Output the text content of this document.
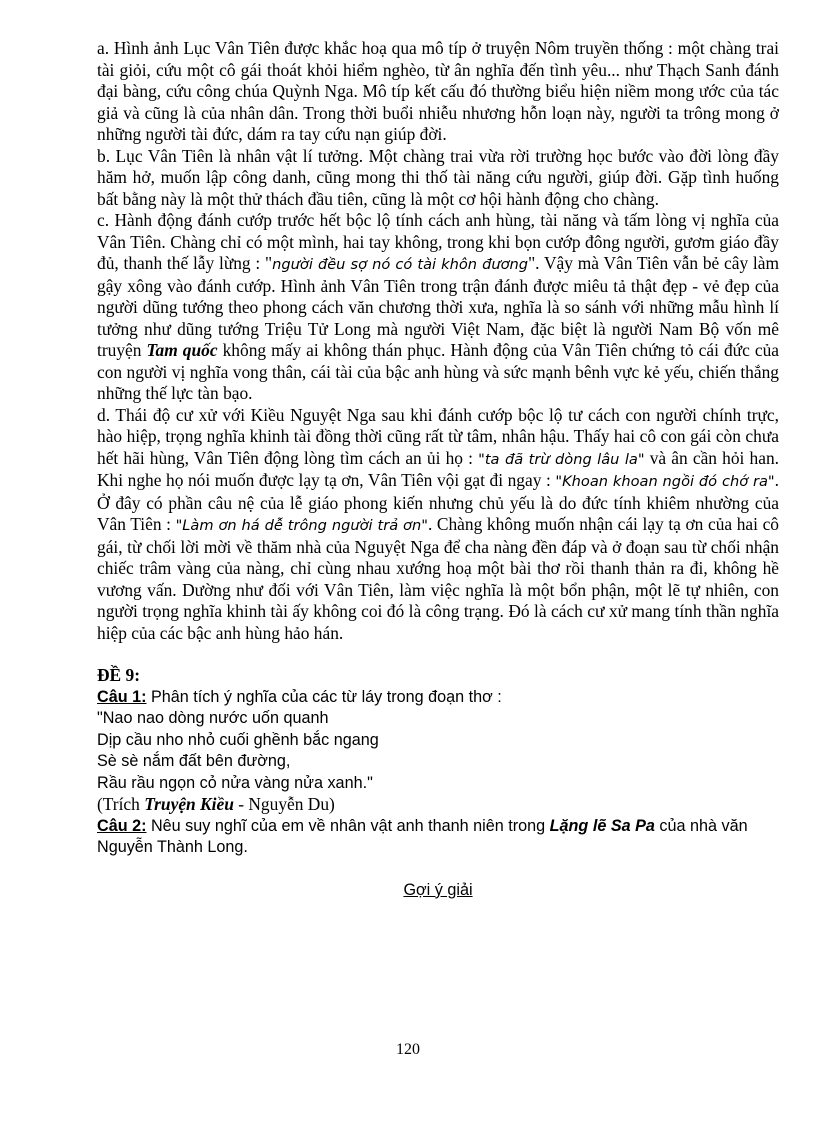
a. Hình ảnh Lục Vân Tiên được khắc hoạ qua mô típ ở truyện Nôm truyền thống : một chàng trai tài giỏi, cứu một cô gái thoát khỏi hiểm nghèo, từ ân nghĩa đến tình yêu... như Thạch Sanh đánh đại bàng, cứu công chúa Quỳnh Nga. Mô típ kết cấu đó thường biểu hiện niềm mong ước của tác giả và cũng là của nhân dân. Trong thời buổi nhiễu nhương hỗn loạn này, người ta trông mong ở những người tài đức, dám ra tay cứu nạn giúp đời.

b. Lục Vân Tiên là nhân vật lí tưởng. Một chàng trai vừa rời trường học bước vào đời lòng đầy hăm hở, muốn lập công danh, cũng mong thi thố tài năng cứu người, giúp đời. Gặp tình huống bất bằng này là một thử thách đầu tiên, cũng là một cơ hội hành động cho chàng.

c. Hành động đánh cướp trước hết bộc lộ tính cách anh hùng, tài năng và tấm lòng vị nghĩa của Vân Tiên. Chàng chỉ có một mình, hai tay không, trong khi bọn cướp đông người, gươm giáo đầy đủ, thanh thế lẫy lừng : "người đều sợ nó có tài khôn đương". Vậy mà Vân Tiên vẫn bẻ cây làm gậy xông vào đánh cướp. Hình ảnh Vân Tiên trong trận đánh được miêu tả thật đẹp - vẻ đẹp của người dũng tướng theo phong cách văn chương thời xưa, nghĩa là so sánh với những mẫu hình lí tưởng như dũng tướng Triệu Tử Long mà người Việt Nam, đặc biệt là người Nam Bộ vốn mê truyện Tam quốc không mấy ai không thán phục. Hành động của Vân Tiên chứng tỏ cái đức của con người vị nghĩa vong thân, cái tài của bậc anh hùng và sức mạnh bênh vực kẻ yếu, chiến thắng những thế lực tàn bạo.

d. Thái độ cư xử với Kiều Nguyệt Nga sau khi đánh cướp bộc lộ tư cách con người chính trực, hào hiệp, trọng nghĩa khinh tài đồng thời cũng rất từ tâm, nhân hậu. Thấy hai cô con gái còn chưa hết hãi hùng, Vân Tiên động lòng tìm cách an ủi họ : "ta đã trừ dòng lâu la" và ân cần hỏi han. Khi nghe họ nói muốn được lạy tạ ơn, Vân Tiên vội gạt đi ngay : "Khoan khoan ngồi đó chớ ra". Ở đây có phần câu nệ của lễ giáo phong kiến nhưng chủ yếu là do đức tính khiêm nhường của Vân Tiên : "Làm ơn há dễ trông người trả ơn". Chàng không muốn nhận cái lạy tạ ơn của hai cô gái, từ chối lời mời về thăm nhà của Nguyệt Nga để cha nàng đền đáp và ở đoạn sau từ chối nhận chiếc trâm vàng của nàng, chỉ cùng nhau xướng hoạ một bài thơ rồi thanh thản ra đi, không hề vương vấn. Dường như đối với Vân Tiên, làm việc nghĩa là một bổn phận, một lẽ tự nhiên, con người trọng nghĩa khinh tài ấy không coi đó là công trạng. Đó là cách cư xử mang tính thần nghĩa hiệp của các bậc anh hùng hảo hán.

ĐỀ 9:

Câu 1: Phân tích ý nghĩa của các từ láy trong đoạn thơ :

"Nao nao dòng nước uốn quanh

Dịp cầu nho nhỏ cuối ghềnh bắc ngang

Sè sè nắm đất bên đường,

Rầu rầu ngọn cỏ nửa vàng nửa xanh."

(Trích Truyện Kiều - Nguyễn Du)

Câu 2: Nêu suy nghĩ của em về nhân vật anh thanh niên trong Lặng lẽ Sa Pa của nhà văn Nguyễn Thành Long.

Gợi ý giải

120
